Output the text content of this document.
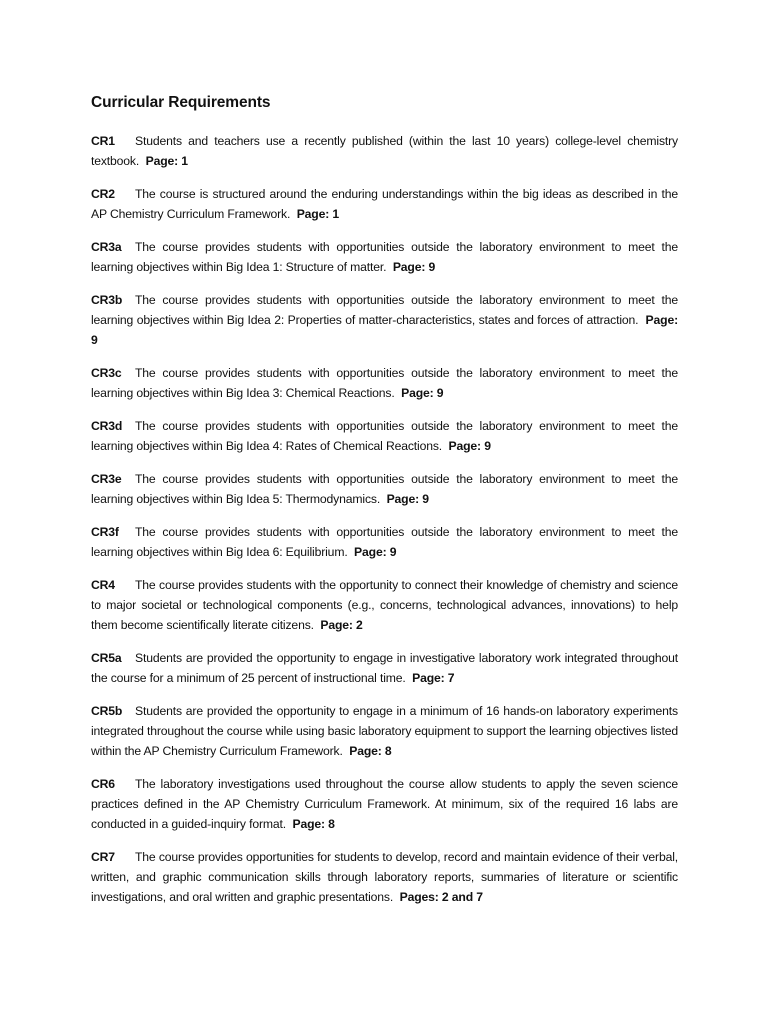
Curricular Requirements
CR1 Students and teachers use a recently published (within the last 10 years) college-level chemistry textbook. Page: 1
CR2 The course is structured around the enduring understandings within the big ideas as described in the AP Chemistry Curriculum Framework. Page: 1
CR3a The course provides students with opportunities outside the laboratory environment to meet the learning objectives within Big Idea 1: Structure of matter. Page: 9
CR3b The course provides students with opportunities outside the laboratory environment to meet the learning objectives within Big Idea 2: Properties of matter-characteristics, states and forces of attraction. Page: 9
CR3c The course provides students with opportunities outside the laboratory environment to meet the learning objectives within Big Idea 3: Chemical Reactions. Page: 9
CR3d The course provides students with opportunities outside the laboratory environment to meet the learning objectives within Big Idea 4: Rates of Chemical Reactions. Page: 9
CR3e The course provides students with opportunities outside the laboratory environment to meet the learning objectives within Big Idea 5: Thermodynamics. Page: 9
CR3f The course provides students with opportunities outside the laboratory environment to meet the learning objectives within Big Idea 6: Equilibrium. Page: 9
CR4 The course provides students with the opportunity to connect their knowledge of chemistry and science to major societal or technological components (e.g., concerns, technological advances, innovations) to help them become scientifically literate citizens. Page: 2
CR5a Students are provided the opportunity to engage in investigative laboratory work integrated throughout the course for a minimum of 25 percent of instructional time. Page: 7
CR5b Students are provided the opportunity to engage in a minimum of 16 hands-on laboratory experiments integrated throughout the course while using basic laboratory equipment to support the learning objectives listed within the AP Chemistry Curriculum Framework. Page: 8
CR6 The laboratory investigations used throughout the course allow students to apply the seven science practices defined in the AP Chemistry Curriculum Framework. At minimum, six of the required 16 labs are conducted in a guided-inquiry format. Page: 8
CR7 The course provides opportunities for students to develop, record and maintain evidence of their verbal, written, and graphic communication skills through laboratory reports, summaries of literature or scientific investigations, and oral written and graphic presentations. Pages: 2 and 7
